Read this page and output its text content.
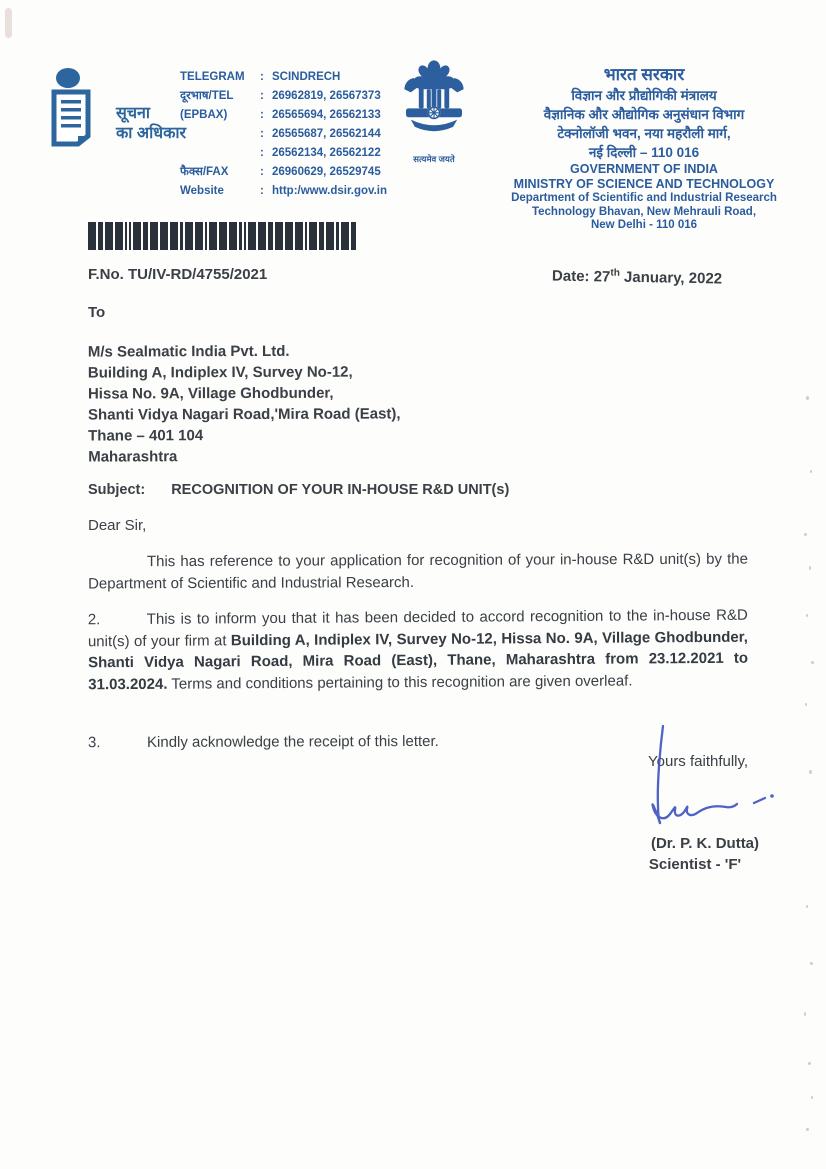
सूचना
का अधिकार
TELEGRAM	: SCINDRECH
दूरभाष/TEL	: 26962819, 26567373
(EPBAX)	: 26565694, 26562133
: 26565687, 26562144
: 26562134, 26562122
फैक्स/FAX	: 26960629, 26529745
Website	: http:/www.dsir.gov.in
सत्यमेव जयते
भारत सरकार
विज्ञान और प्रौद्योगिकी मंत्रालय
वैज्ञानिक और औद्योगिक अनुसंधान विभाग
टेक्नोलॉजी भवन, नया महरौली मार्ग,
नई दिल्ली – 110 016
GOVERNMENT OF INDIA
MINISTRY OF SCIENCE AND TECHNOLOGY
Department of Scientific and Industrial Research
Technology Bhavan, New Mehrauli Road,
New Delhi - 110 016
F.No. TU/IV-RD/4755/2021	Date: 27th January, 2022
To
M/s Sealmatic India Pvt. Ltd.
Building A, Indiplex IV, Survey No-12,
Hissa No. 9A, Village Ghodbunder,
Shanti Vidya Nagari Road,'Mira Road (East),
Thane – 401 104
Maharashtra
Subject: RECOGNITION OF YOUR IN-HOUSE R&D UNIT(s)
Dear Sir,

This has reference to your application for recognition of your in-house R&D unit(s) by the Department of Scientific and Industrial Research.

2.	This is to inform you that it has been decided to accord recognition to the in-house R&D unit(s) of your firm at Building A, Indiplex IV, Survey No-12, Hissa No. 9A, Village Ghodbunder, Shanti Vidya Nagari Road, Mira Road (East), Thane, Maharashtra from 23.12.2021 to 31.03.2024. Terms and conditions pertaining to this recognition are given overleaf.

3.	Kindly acknowledge the receipt of this letter.

Yours faithfully,
(Dr. P. K. Dutta)
Scientist - 'F'
